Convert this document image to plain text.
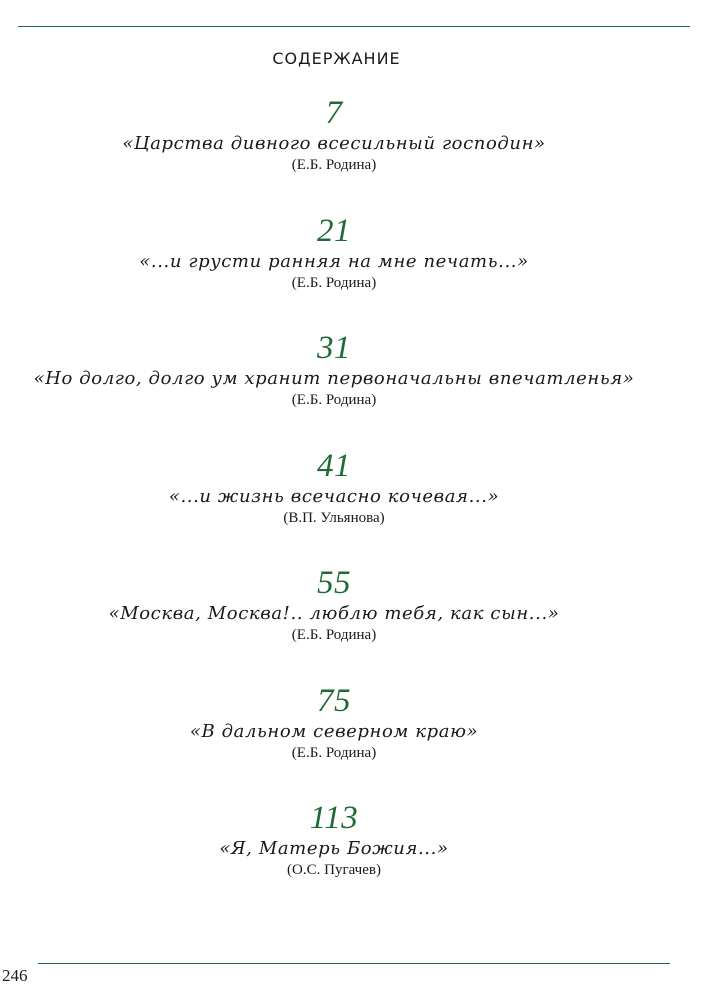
СОДЕРЖАНИЕ
7
«Царства дивного всесильный господин»
(Е.Б. Родина)
21
«...и грусти ранняя на мне печать...»
(Е.Б. Родина)
31
«Но долго, долго ум хранит первоначальны впечатленья»
(Е.Б. Родина)
41
«...и жизнь всечасно кочевая...»
(В.П. Ульянова)
55
«Москва, Москва!.. люблю тебя, как сын...»
(Е.Б. Родина)
75
«В дальном северном краю»
(Е.Б. Родина)
113
«Я, Матерь Божия...»
(О.С. Пугачев)
246
